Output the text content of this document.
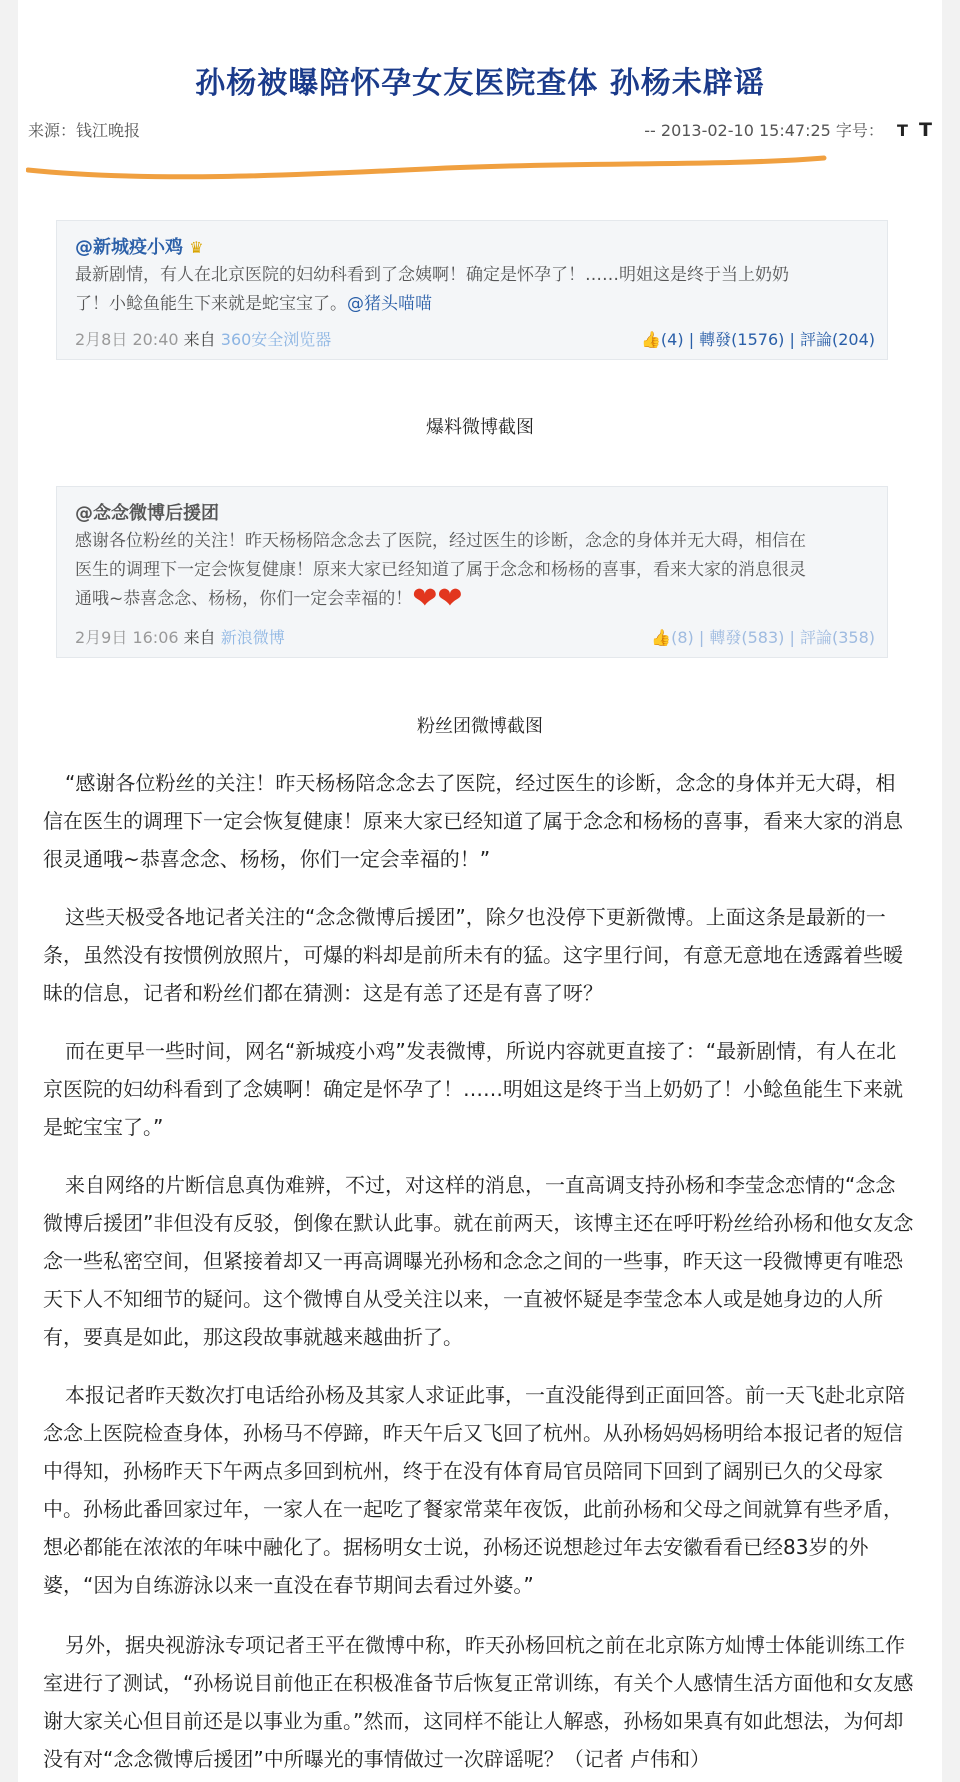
孙杨被曝陪怀孕女友医院查体 孙杨未辟谣
来源：钱江晚报	-- 2013-02-10 15:47:25 字号： T T
@新城疫小鸡 ♛
最新剧情，有人在北京医院的妇幼科看到了念姨啊！确定是怀孕了！……明姐这是终于当上奶奶
了！小鲶鱼能生下来就是蛇宝宝了。@猪头喵喵
2月8日 20:40 来自 360安全浏览器	👍(4) | 轉發(1576) | 評論(204)
爆料微博截图
@念念微博后援团
感谢各位粉丝的关注！昨天杨杨陪念念去了医院，经过医生的诊断，念念的身体并无大碍，相信在
医生的调理下一定会恢复健康！原来大家已经知道了属于念念和杨杨的喜事，看来大家的消息很灵
通哦~恭喜念念、杨杨，你们一定会幸福的！❤❤
2月9日 16:06 来自 新浪微博	👍(8) | 轉發(583) | 評論(358)
粉丝团微博截图

“感谢各位粉丝的关注！昨天杨杨陪念念去了医院，经过医生的诊断，念念的身体并无大碍，相信在医生的调理下一定会恢复健康！原来大家已经知道了属于念念和杨杨的喜事，看来大家的消息很灵通哦~恭喜念念、杨杨，你们一定会幸福的！”

这些天极受各地记者关注的“念念微博后援团”，除夕也没停下更新微博。上面这条是最新的一条，虽然没有按惯例放照片，可爆的料却是前所未有的猛。这字里行间，有意无意地在透露着些暧昧的信息，记者和粉丝们都在猜测：这是有恙了还是有喜了呀？

而在更早一些时间，网名“新城疫小鸡”发表微博，所说内容就更直接了：“最新剧情，有人在北京医院的妇幼科看到了念姨啊！确定是怀孕了！……明姐这是终于当上奶奶了！小鲶鱼能生下来就是蛇宝宝了。”

来自网络的片断信息真伪难辨，不过，对这样的消息，一直高调支持孙杨和李莹念恋情的“念念微博后援团”非但没有反驳，倒像在默认此事。就在前两天，该博主还在呼吁粉丝给孙杨和他女友念念一些私密空间，但紧接着却又一再高调曝光孙杨和念念之间的一些事，昨天这一段微博更有唯恐天下人不知细节的疑问。这个微博自从受关注以来，一直被怀疑是李莹念本人或是她身边的人所有，要真是如此，那这段故事就越来越曲折了。

本报记者昨天数次打电话给孙杨及其家人求证此事，一直没能得到正面回答。前一天飞赴北京陪念念上医院检查身体，孙杨马不停蹄，昨天午后又飞回了杭州。从孙杨妈妈杨明给本报记者的短信中得知，孙杨昨天下午两点多回到杭州，终于在没有体育局官员陪同下回到了阔别已久的父母家中。孙杨此番回家过年，一家人在一起吃了餐家常菜年夜饭，此前孙杨和父母之间就算有些矛盾，想必都能在浓浓的年味中融化了。据杨明女士说，孙杨还说想趁过年去安徽看看已经83岁的外婆，“因为自练游泳以来一直没在春节期间去看过外婆。”

另外，据央视游泳专项记者王平在微博中称，昨天孙杨回杭之前在北京陈方灿博士体能训练工作室进行了测试，“孙杨说目前他正在积极准备节后恢复正常训练，有关个人感情生活方面他和女友感谢大家关心但目前还是以事业为重。”然而，这同样不能让人解惑，孙杨如果真有如此想法，为何却没有对“念念微博后援团”中所曝光的事情做过一次辟谣呢？（记者 卢伟和）
